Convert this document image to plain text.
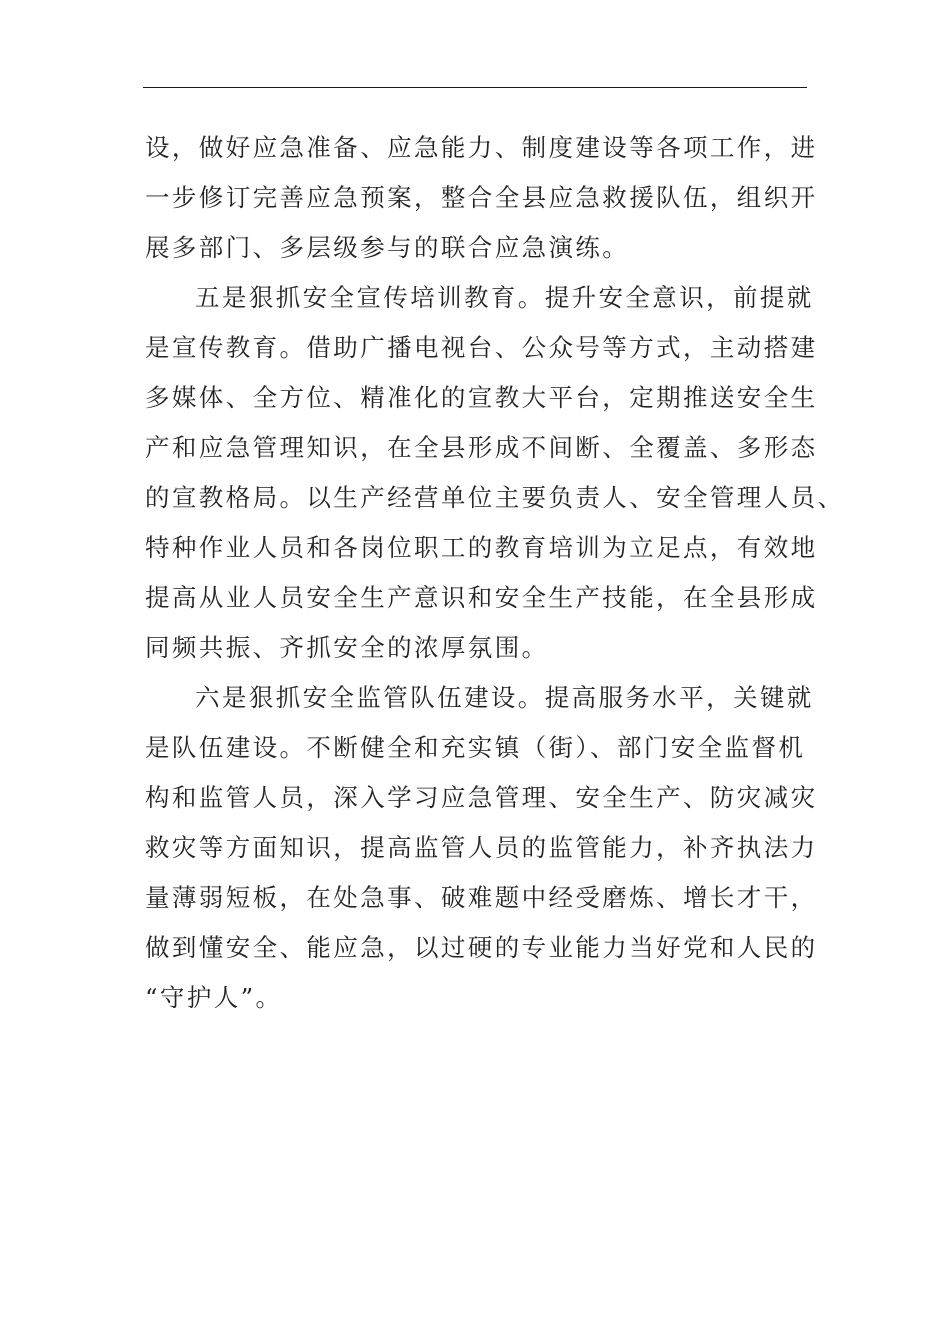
设，做好应急准备、应急能力、制度建设等各项工作，进
一步修订完善应急预案，整合全县应急救援队伍，组织开
展多部门、多层级参与的联合应急演练。
五是狠抓安全宣传培训教育。提升安全意识，前提就
是宣传教育。借助广播电视台、公众号等方式，主动搭建
多媒体、全方位、精准化的宣教大平台，定期推送安全生
产和应急管理知识，在全县形成不间断、全覆盖、多形态
的宣教格局。以生产经营单位主要负责人、安全管理人员、
特种作业人员和各岗位职工的教育培训为立足点，有效地
提高从业人员安全生产意识和安全生产技能，在全县形成
同频共振、齐抓安全的浓厚氛围。
六是狠抓安全监管队伍建设。提高服务水平，关键就
是队伍建设。不断健全和充实镇（街）、部门安全监督机
构和监管人员，深入学习应急管理、安全生产、防灾减灾
救灾等方面知识，提高监管人员的监管能力，补齐执法力
量薄弱短板，在处急事、破难题中经受磨炼、增长才干，
做到懂安全、能应急，以过硬的专业能力当好党和人民的
“守护人”。
